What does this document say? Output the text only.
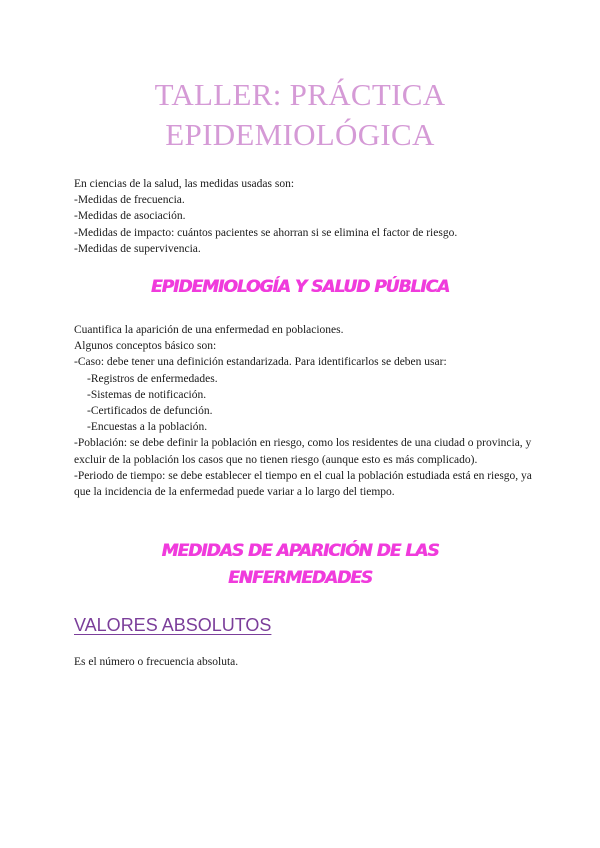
TALLER: PRÁCTICA
EPIDEMIOLÓGICA

En ciencias de la salud, las medidas usadas son:

-Medidas de frecuencia.

-Medidas de asociación.

-Medidas de impacto: cuántos pacientes se ahorran si se elimina el factor de riesgo.

-Medidas de supervivencia.

EPIDEMIOLOGÍA Y SALUD PÚBLICA

Cuantifica la aparición de una enfermedad en poblaciones.

Algunos conceptos básico son:

-Caso: debe tener una definición estandarizada. Para identificarlos se deben usar:

-Registros de enfermedades.

-Sistemas de notificación.

-Certificados de defunción.

-Encuestas a la población.

-Población: se debe definir la población en riesgo, como los residentes de una ciudad o provincia, y excluir de la población los casos que no tienen riesgo (aunque esto es más complicado).

-Periodo de tiempo: se debe establecer el tiempo en el cual la población estudiada está en riesgo, ya que la incidencia de la enfermedad puede variar a lo largo del tiempo.

MEDIDAS DE APARICIÓN DE LAS
ENFERMEDADES
VALORES ABSOLUTOS

Es el número o frecuencia absoluta.
